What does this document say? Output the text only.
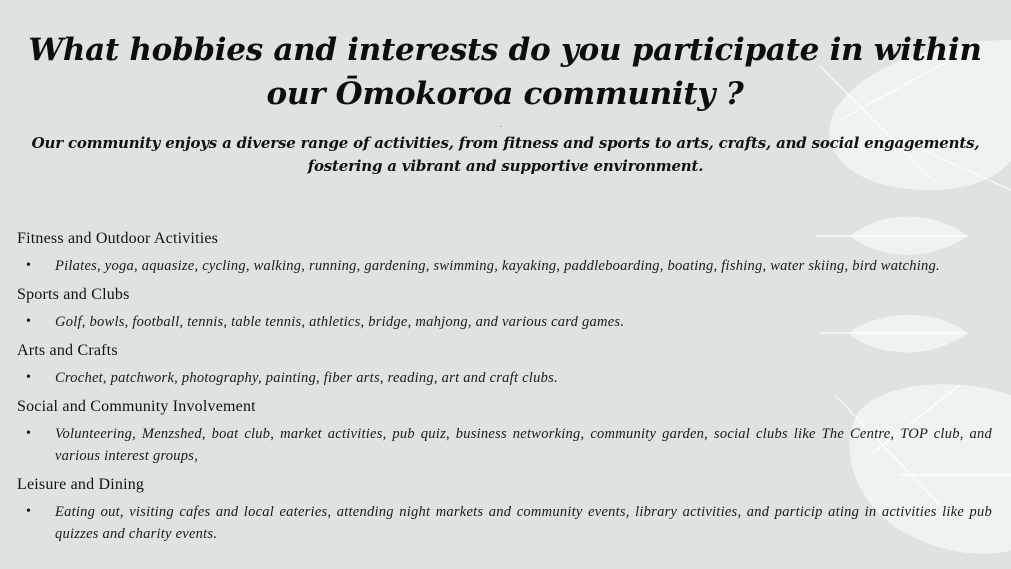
What hobbies and interests do you participate in within our Ōmokoroa community ?
.

Our community enjoys a diverse range of activities, from fitness and sports to arts, crafts, and social engagements, fostering a vibrant and supportive environment.

Fitness and Outdoor Activities
•	Pilates, yoga, aquasize, cycling, walking, running, gardening, swimming, kayaking, paddleboarding, boating, fishing, water skiing, bird watching.
Sports and Clubs
•	Golf, bowls, football, tennis, table tennis, athletics, bridge, mahjong, and various card games.
Arts and Crafts
•	Crochet, patchwork, photography, painting, fiber arts, reading, art and craft clubs.
Social and Community Involvement
•	Volunteering, Menzshed, boat club, market activities, pub quiz, business networking, community garden, social clubs like The Centre, TOP club, and various interest groups,
Leisure and Dining
•	Eating out, visiting cafes and local eateries, attending night markets and community events, library activities, and particip ating in activities like pub quizzes and charity events.
